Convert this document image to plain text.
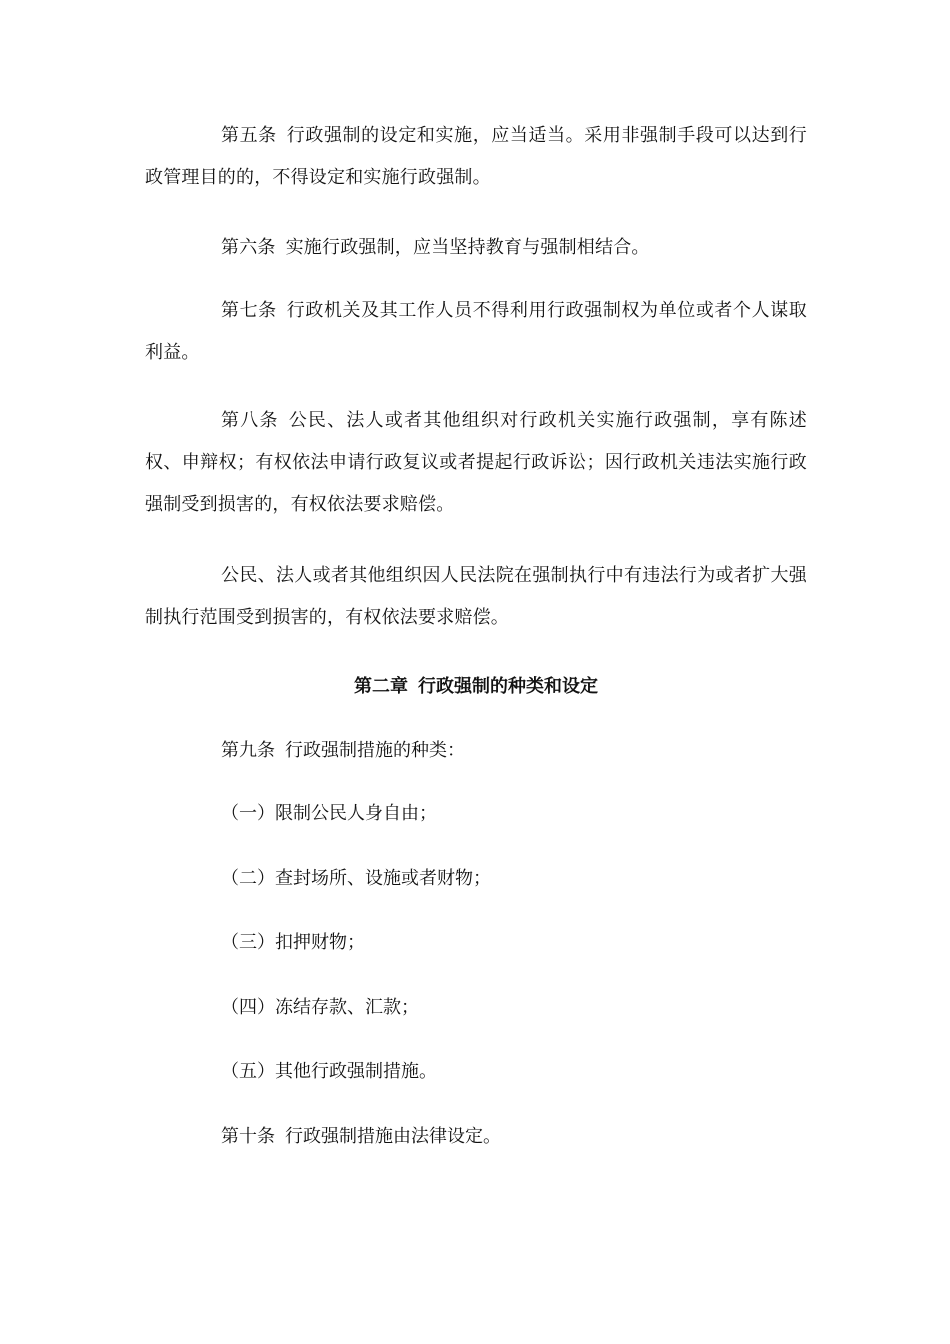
第五条 行政强制的设定和实施，应当适当。采用非强制手段可以达到行政管理目的的，不得设定和实施行政强制。

第六条 实施行政强制，应当坚持教育与强制相结合。

第七条 行政机关及其工作人员不得利用行政强制权为单位或者个人谋取利益。

第八条 公民、法人或者其他组织对行政机关实施行政强制，享有陈述权、申辩权；有权依法申请行政复议或者提起行政诉讼；因行政机关违法实施行政强制受到损害的，有权依法要求赔偿。

公民、法人或者其他组织因人民法院在强制执行中有违法行为或者扩大强制执行范围受到损害的，有权依法要求赔偿。

第二章 行政强制的种类和设定

第九条 行政强制措施的种类：

（一）限制公民人身自由；

（二）查封场所、设施或者财物；

（三）扣押财物；

（四）冻结存款、汇款；

（五）其他行政强制措施。

第十条 行政强制措施由法律设定。
